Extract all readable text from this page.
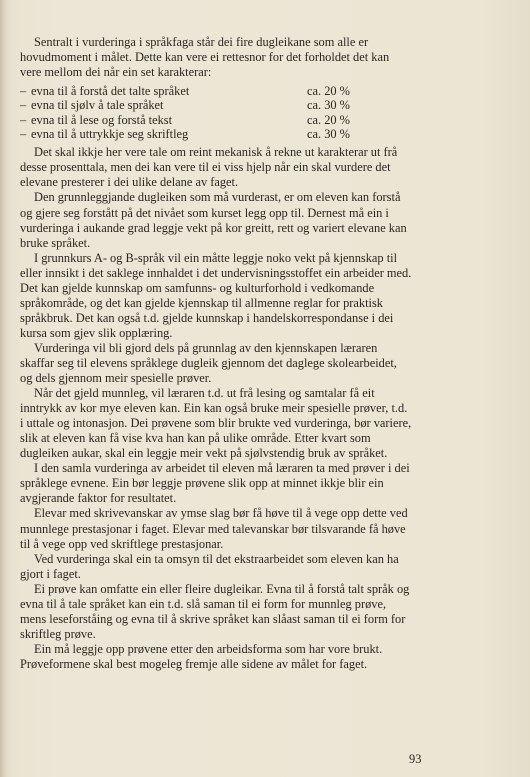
Sentralt i vurderinga i språkfaga står dei fire dugleikane som alle er hovudmoment i målet. Dette kan vere ei rettesnor for det forholdet det kan vere mellom dei når ein set karakterar:

– evna til å forstå det talte språket	ca. 20 %
– evna til sjølv å tale språket	ca. 30 %
– evna til å lese og forstå tekst	ca. 20 %
– evna til å uttrykkje seg skriftleg	ca. 30 %

Det skal ikkje her vere tale om reint mekanisk å rekne ut karakterar ut frå desse prosenttala, men dei kan vere til ei viss hjelp når ein skal vurdere det elevane presterer i dei ulike delane av faget.

Den grunnleggjande dugleiken som må vurderast, er om eleven kan forstå og gjere seg forstått på det nivået som kurset legg opp til. Dernest må ein i vurderinga i aukande grad leggje vekt på kor greitt, rett og variert elevane kan bruke språket.

I grunnkurs A- og B-språk vil ein måtte leggje noko vekt på kjennskap til eller innsikt i det saklege innhaldet i det undervisningsstoffet ein arbeider med. Det kan gjelde kunnskap om samfunns- og kulturforhold i vedkomande språkområde, og det kan gjelde kjennskap til allmenne reglar for praktisk språkbruk. Det kan også t.d. gjelde kunnskap i handelskorrespondanse i dei kursa som gjev slik opplæring.

Vurderinga vil bli gjord dels på grunnlag av den kjennskapen læraren skaffar seg til elevens språklege dugleik gjennom det daglege skolearbeidet, og dels gjennom meir spesielle prøver.

Når det gjeld munnleg, vil læraren t.d. ut frå lesing og samtalar få eit inntrykk av kor mye eleven kan. Ein kan også bruke meir spesielle prøver, t.d. i uttale og intonasjon. Dei prøvene som blir brukte ved vurderinga, bør variere, slik at eleven kan få vise kva han kan på ulike område. Etter kvart som dugleiken aukar, skal ein leggje meir vekt på sjølvstendig bruk av språket.

I den samla vurderinga av arbeidet til eleven må læraren ta med prøver i dei språklege evnene. Ein bør leggje prøvene slik opp at minnet ikkje blir ein avgjerande faktor for resultatet.

Elevar med skrivevanskar av ymse slag bør få høve til å vege opp dette ved munnlege prestasjonar i faget. Elevar med talevanskar bør tilsvarande få høve til å vege opp ved skriftlege prestasjonar.

Ved vurderinga skal ein ta omsyn til det ekstraarbeidet som eleven kan ha gjort i faget.

Ei prøve kan omfatte ein eller fleire dugleikar. Evna til å forstå talt språk og evna til å tale språket kan ein t.d. slå saman til ei form for munnleg prøve, mens leseforståing og evna til å skrive språket kan slåast saman til ei form for skriftleg prøve.

Ein må leggje opp prøvene etter den arbeidsforma som har vore brukt. Prøveformene skal best mogeleg fremje alle sidene av målet for faget.

93
